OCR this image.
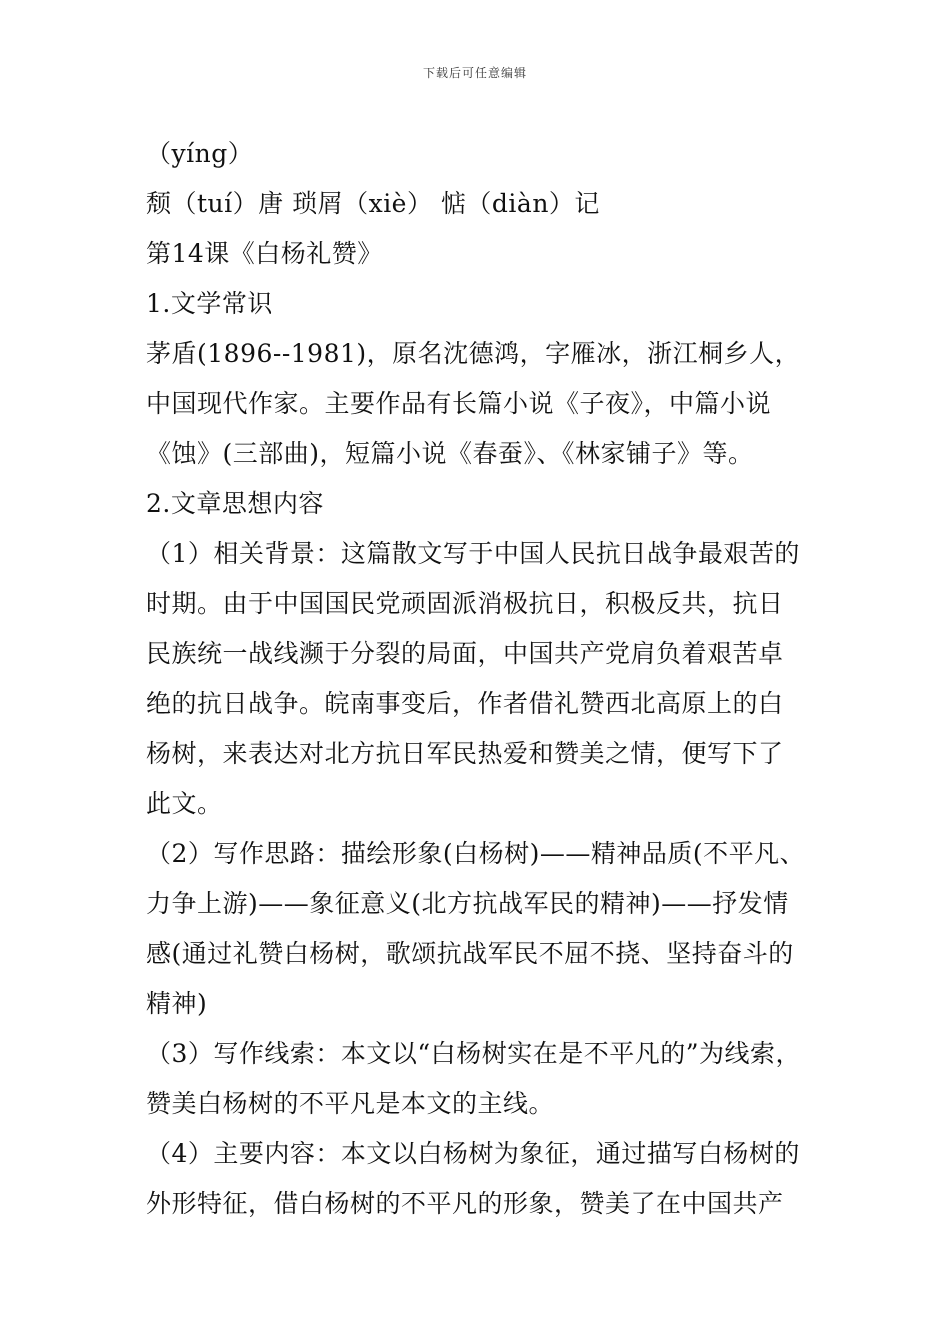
下载后可任意编辑
（yíng）
颓（tuí）唐 琐屑（xiè） 惦（diàn）记
第14课《白杨礼赞》
1.文学常识
茅盾(1896--1981)，原名沈德鸿，字雁冰，浙江桐乡人，
中国现代作家。主要作品有长篇小说《子夜》，中篇小说
《蚀》(三部曲)，短篇小说《春蚕》、《林家铺子》等。
2.文章思想内容
（1）相关背景：这篇散文写于中国人民抗日战争最艰苦的
时期。由于中国国民党顽固派消极抗日，积极反共，抗日
民族统一战线濒于分裂的局面，中国共产党肩负着艰苦卓
绝的抗日战争。皖南事变后，作者借礼赞西北高原上的白
杨树，来表达对北方抗日军民热爱和赞美之情，便写下了
此文。
（2）写作思路：描绘形象(白杨树)——精神品质(不平凡、
力争上游)——象征意义(北方抗战军民的精神)——抒发情
感(通过礼赞白杨树，歌颂抗战军民不屈不挠、坚持奋斗的
精神)
（3）写作线索：本文以“白杨树实在是不平凡的”为线索，
赞美白杨树的不平凡是本文的主线。
（4）主要内容：本文以白杨树为象征，通过描写白杨树的
外形特征，借白杨树的不平凡的形象，赞美了在中国共产
